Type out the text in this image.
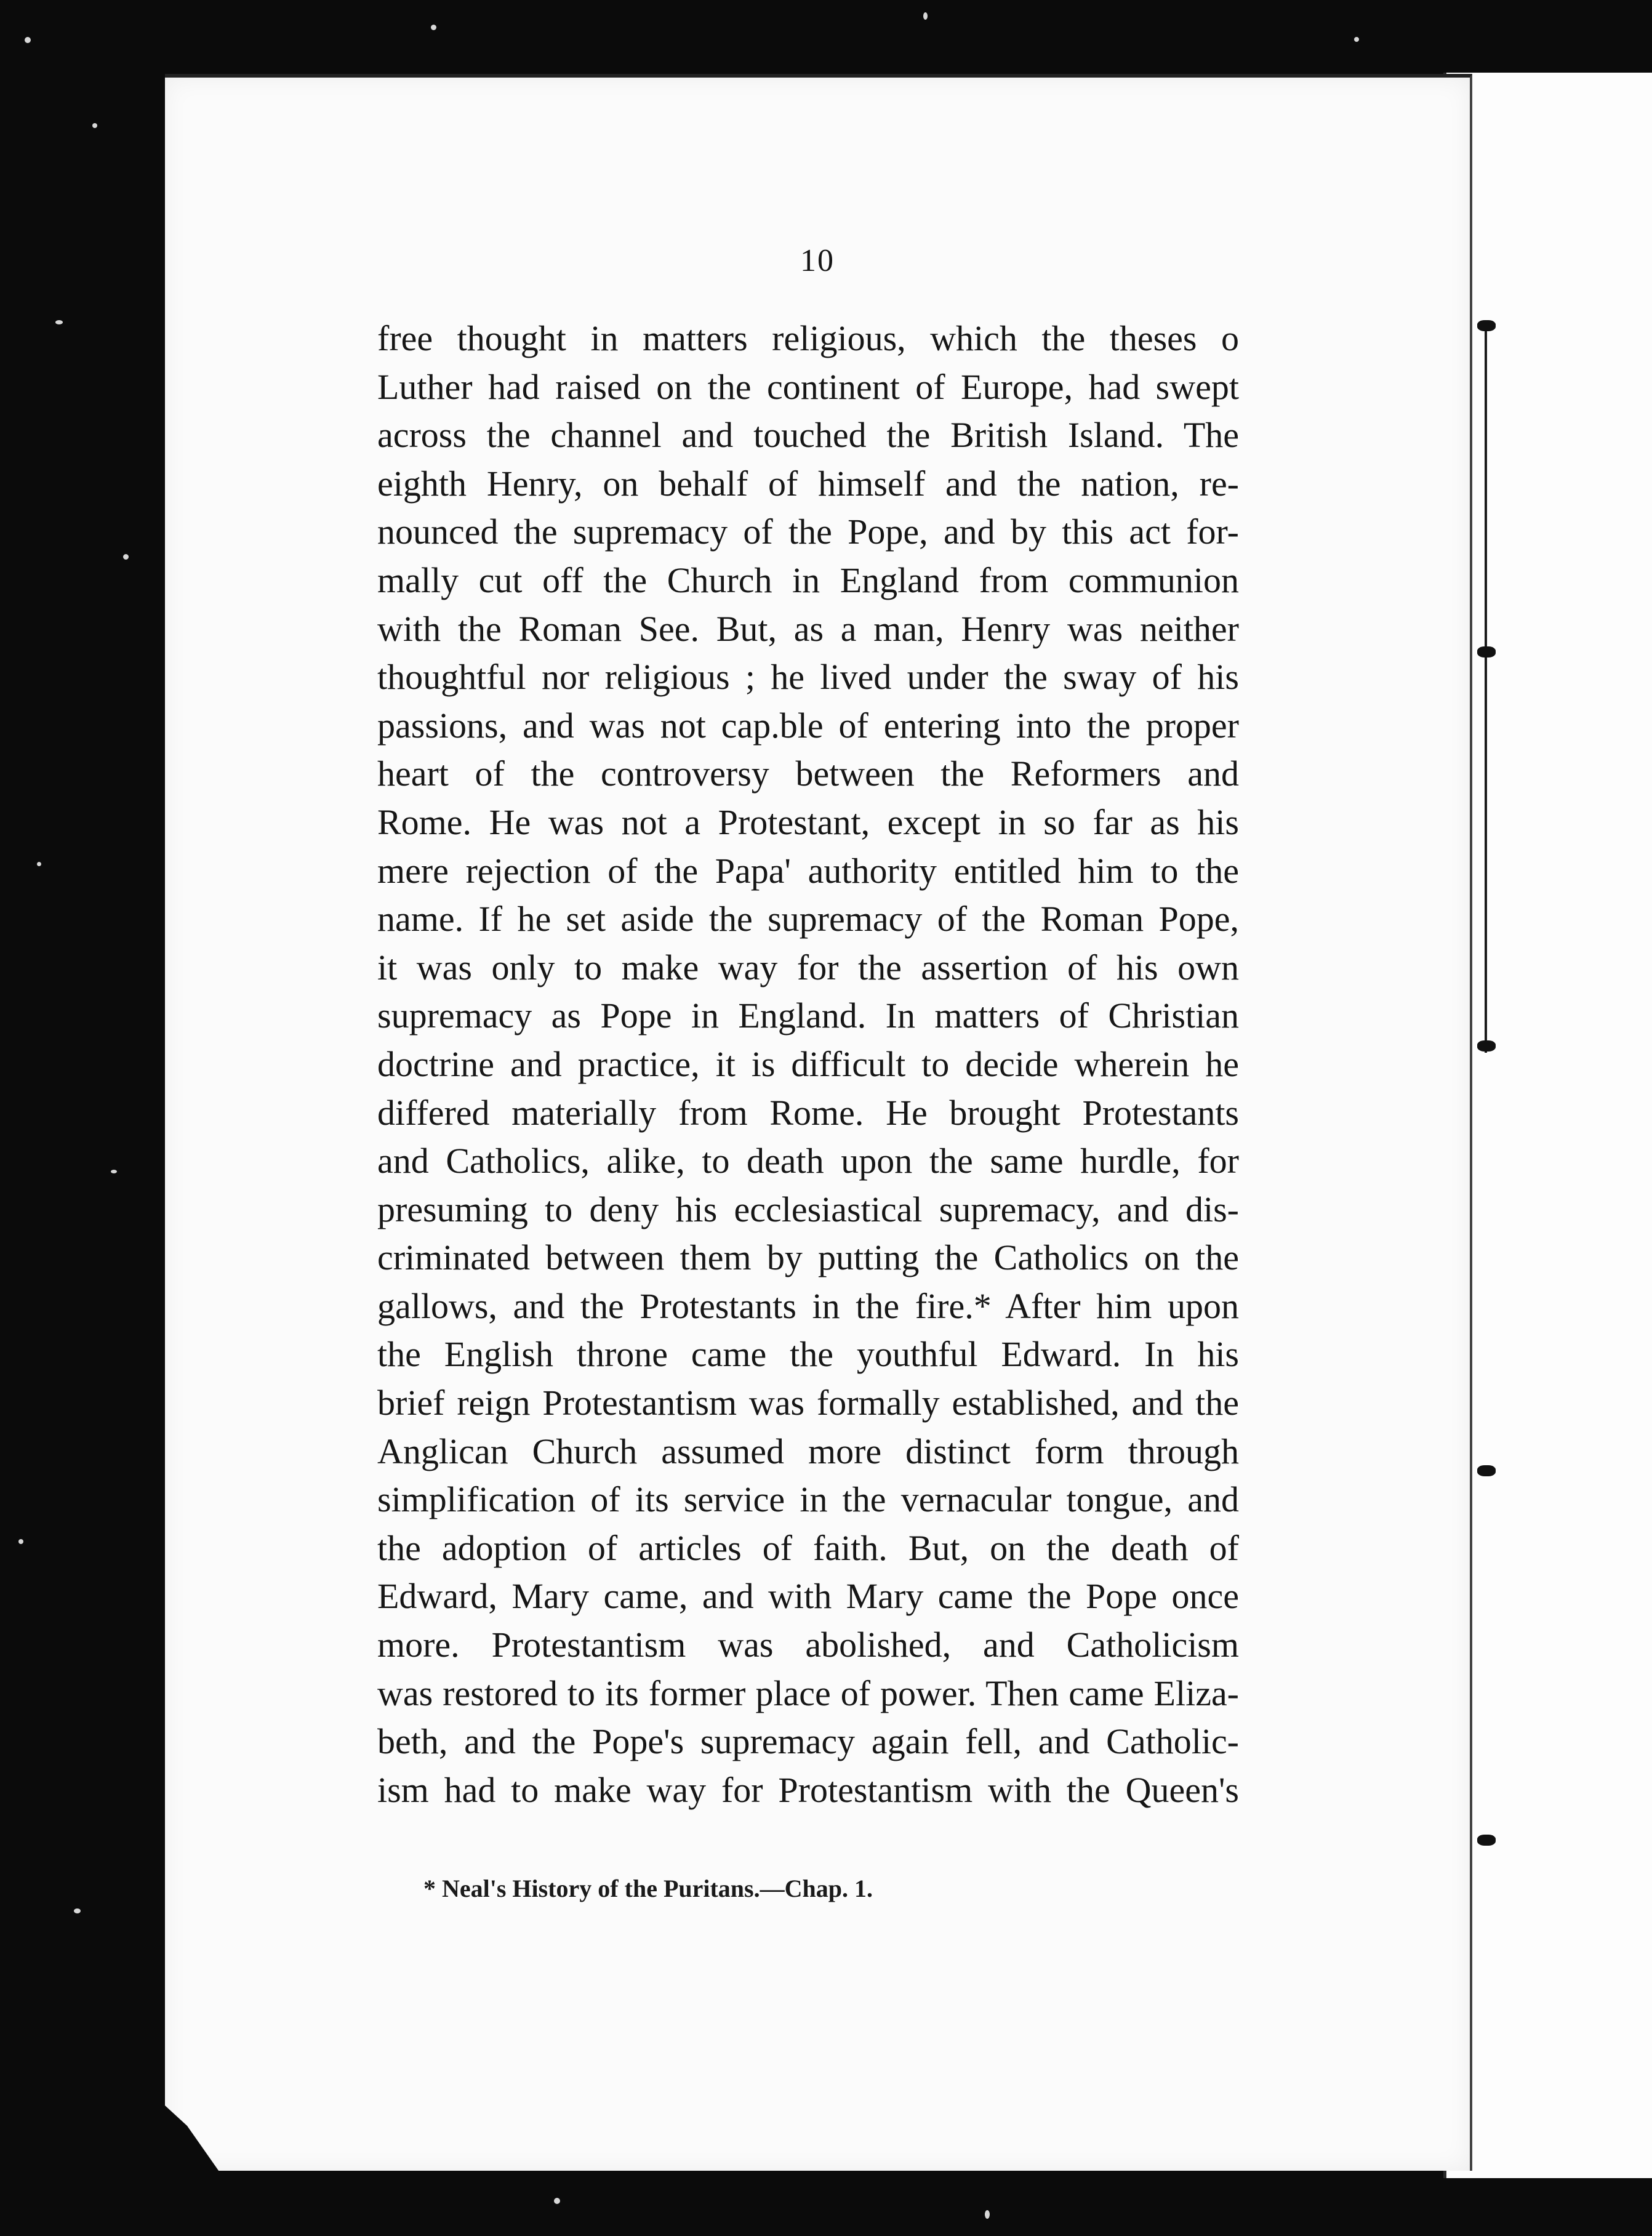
10
free thought in matters religious, which the theses o
Luther had raised on the continent of Europe, had swept
across the channel and touched the British Island. The
eighth Henry, on behalf of himself and the nation, re-
nounced the supremacy of the Pope, and by this act for-
mally cut off the Church in England from communion
with the Roman See. But, as a man, Henry was neither
thoughtful nor religious ; he lived under the sway of his
passions, and was not cap.ble of entering into the proper
heart of the controversy between the Reformers and
Rome. He was not a Protestant, except in so far as his
mere rejection of the Papa' authority entitled him to the
name. If he set aside the supremacy of the Roman Pope,
it was only to make way for the assertion of his own
supremacy as Pope in England. In matters of Christian
doctrine and practice, it is difficult to decide wherein he
differed materially from Rome. He brought Protestants
and Catholics, alike, to death upon the same hurdle, for
presuming to deny his ecclesiastical supremacy, and dis-
criminated between them by putting the Catholics on the
gallows, and the Protestants in the fire.* After him upon
the English throne came the youthful Edward. In his
brief reign Protestantism was formally established, and the
Anglican Church assumed more distinct form through
simplification of its service in the vernacular tongue, and
the adoption of articles of faith. But, on the death of
Edward, Mary came, and with Mary came the Pope once
more. Protestantism was abolished, and Catholicism
was restored to its former place of power. Then came Eliza-
beth, and the Pope's supremacy again fell, and Catholic-
ism had to make way for Protestantism with the Queen's
* Neal's History of the Puritans.—Chap. 1.
